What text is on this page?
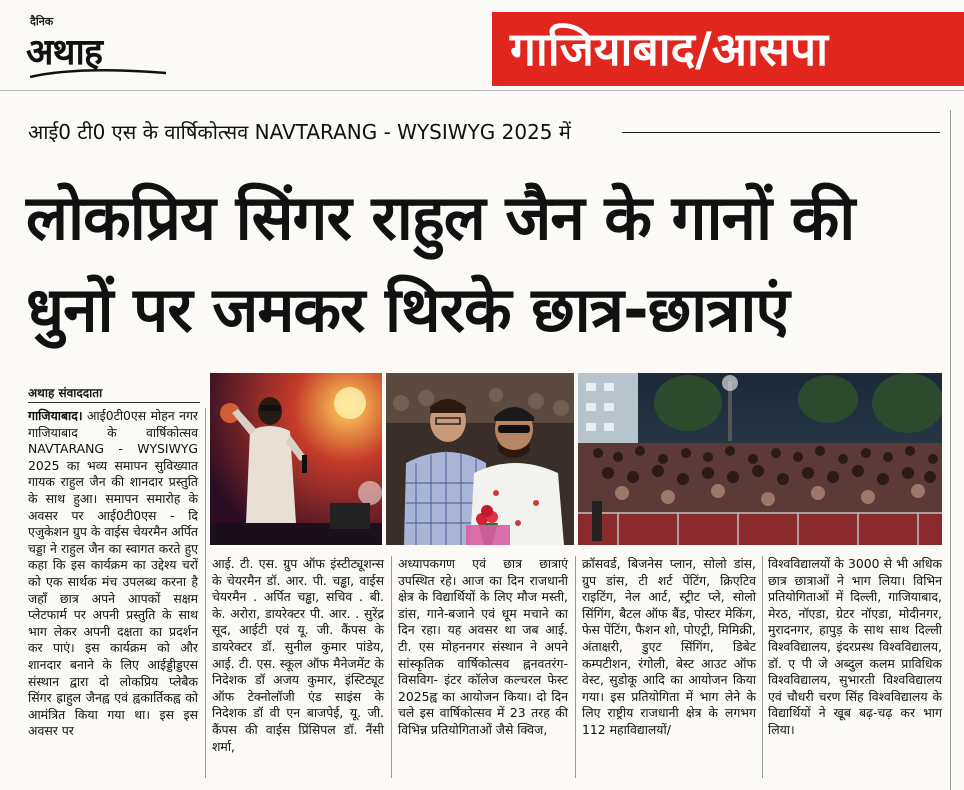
दैनिक
अथाह	गाजियाबाद/आसपा
आई0 टी0 एस के वार्षिकोत्सव NAVTARANG - WYSIWYG 2025 में
लोकप्रिय सिंगर राहुल जैन के गानों की धुनों पर जमकर थिरके छात्र-छात्राएं
अथाह संवाददाता
गाजियाबाद। आई0टी0एस मोहन नगर गाजियाबाद के वार्षिकोत्सव NAVTARANG - WYSIWYG 2025 का भव्य समापन सुविख्यात गायक राहुल जैन की शानदार प्रस्तुति के साथ हुआ। समापन समारोह के अवसर पर आई0टी0एस - दि एजुकेशन ग्रुप के वाईस चेयरमैन अर्पित चड्डा ने राहुल जैन का स्वागत करते हुए कहा कि इस कार्यक्रम का उद्देश्य चरों को एक सार्थक मंच उपलब्ध करना है जहाँ छात्र अपने आपकों सक्षम प्लेटफार्म पर अपनी प्रस्तुति के साथ भाग लेकर अपनी दक्षता का प्रदर्शन कर पाएं। इस कार्यक्रम को और शानदार बनाने के लिए आईड्डीड्डएस संस्थान द्वारा दो लोकप्रिय प्लेबैक सिंगर ह्राहुल जैनह्व एवं ह्वकार्तिकह्व को आमंत्रित किया गया था। इस इस अवसर पर
आई. टी. एस. ग्रुप ऑफ इंस्टीट्यूशन्स के चेयरमैन डॉ. आर. पी. चड्ढा, वाईस चेयरमैन . अर्पित चड्ढा, सचिव . बी. के. अरोरा, डायरेक्टर पी. आर. . सुरेंद्र सूद, आईटी एवं यू. जी. कैंपस के डायरेक्टर डॉ. सुनील कुमार पांडेय, आई. टी. एस. स्कूल ऑफ मैनेजमेंट के निदेशक डॉ अजय कुमार, इंस्टिट्यूट ऑफ टेक्नोलॉजी एंड साइंस के निदेशक डॉ वी एन बाजपेई, यू. जी. कैंपस की वाईस प्रिंसिपल डॉ. नैंसी शर्मा,
अध्यापकगण एवं छात्र छात्राएं उपस्थित रहे। आज का दिन राजधानी क्षेत्र के विद्यार्थियों के लिए मौज मस्ती, डांस, गाने-बजाने एवं धूम मचाने का दिन रहा। यह अवसर था जब आई. टी. एस मोहननगर संस्थान ने अपने सांस्कृतिक वार्षिकोत्सव ह्ननवतरंग-विसविग- इंटर कॉलेज कल्चरल फेस्ट 2025ह्व का आयोजन किया। दो दिन चले इस वार्षिकोत्सव में 23 तरह की विभिन्न प्रतियोगिताओं जैसे क्विज,
क्रॉसवर्ड, बिजनेस प्लान, सोलो डांस, ग्रुप डांस, टी शर्ट पेंटिंग, क्रिएटिव राइटिंग, नेल आर्ट, स्ट्रीट प्ले, सोलो सिंगिंग, बैटल ऑफ बैंड, पोस्टर मेकिंग, फेस पेंटिंग, फैशन शो, पोएट्री, मिमिक्री, अंताक्षरी, डुएट सिंगिंग, डिबेट कम्पटीशन, रंगोली, बेस्ट आउट ऑफ वेस्ट, सुडोकू आदि का आयोजन किया गया। इस प्रतियोगिता में भाग लेने के लिए राष्ट्रीय राजधानी क्षेत्र के लगभग 112 महाविद्यालयों/
विश्वविद्यालयों के 3000 से भी अधिक छात्र छात्राओं ने भाग लिया। विभिन प्रतियोगिताओं में दिल्ली, गाजियाबाद, मेरठ, नॉएडा, ग्रेटर नॉएडा, मोदीनगर, मुरादनगर, हापुड़ के साथ साथ दिल्ली विश्वविद्यालय, इंदरप्रस्थ विश्वविद्यालय, डॉ. ए पी जे अब्दुल कलम प्राविधिक विश्वविद्यालय, सुभारती विश्वविद्यालय एवं चौधरी चरण सिंह विश्वविद्यालय के विद्यार्थियों ने खूब बढ़-चढ़ कर भाग लिया।
